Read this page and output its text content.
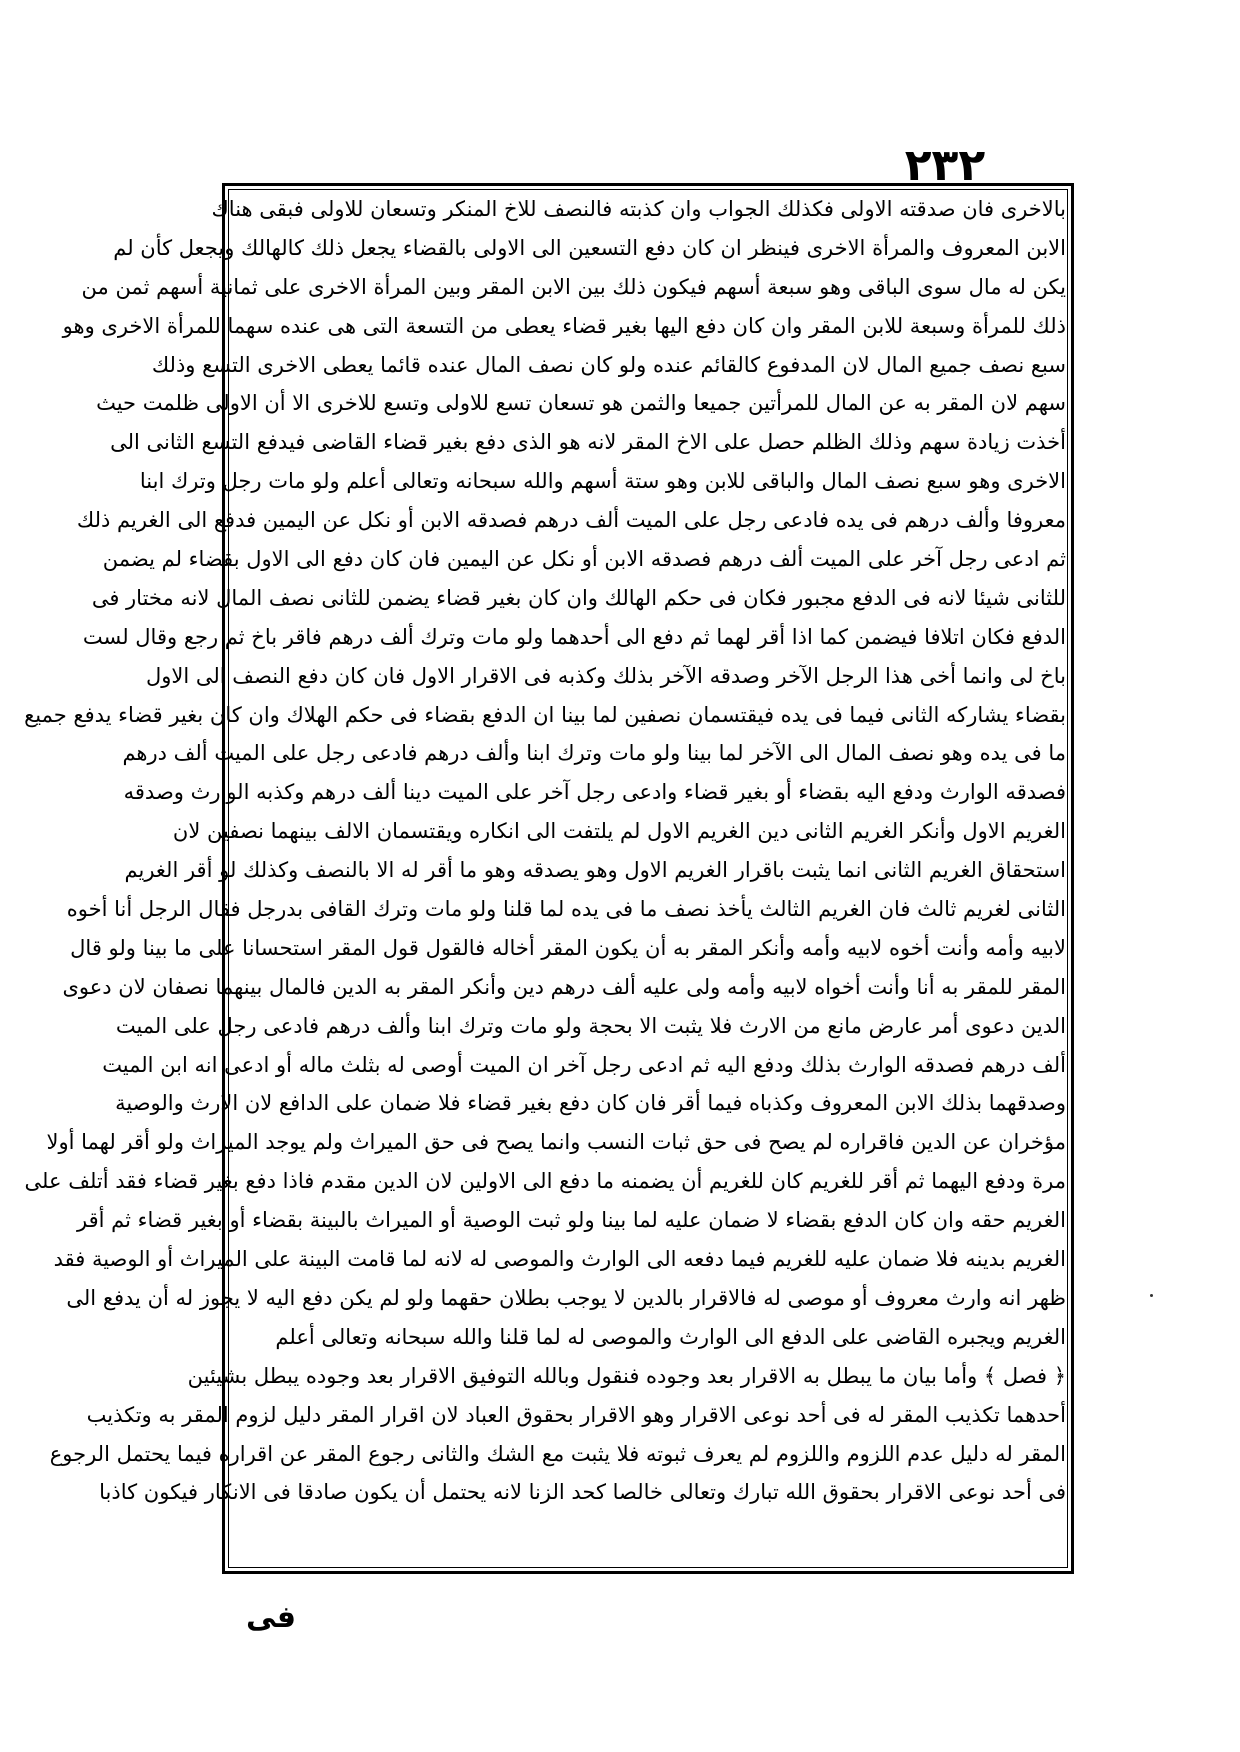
٢٣٢
بالاخرى فان صدقته الاولى فكذلك الجواب وان كذبته فالنصف للاخ المنكر وتسعان للاولى فبقى هناك
الابن المعروف والمرأة الاخرى فينظر ان كان دفع التسعين الى الاولى بالقضاء يجعل ذلك كالهالك ويجعل كأن لم
يكن له مال سوى الباقى وهو سبعة أسهم فيكون ذلك بين الابن المقر وبين المرأة الاخرى على ثمانية أسهم ثمن من
ذلك للمرأة وسبعة للابن المقر وان كان دفع اليها بغير قضاء يعطى من التسعة التى هى عنده سهما للمرأة الاخرى وهو
سبع نصف جميع المال لان المدفوع كالقائم عنده ولو كان نصف المال عنده قائما يعطى الاخرى التسع وذلك
سهم لان المقر به عن المال للمرأتين جميعا والثمن هو تسعان تسع للاولى وتسع للاخرى الا أن الاولى ظلمت حيث
أخذت زيادة سهم وذلك الظلم حصل على الاخ المقر لانه هو الذى دفع بغير قضاء القاضى فيدفع التسع الثانى الى
الاخرى وهو سبع نصف المال والباقى للابن وهو ستة أسهم والله سبحانه وتعالى أعلم ولو مات رجل وترك ابنا
معروفا وألف درهم فى يده فادعى رجل على الميت ألف درهم فصدقه الابن أو نكل عن اليمين فدفع الى الغريم ذلك
ثم ادعى رجل آخر على الميت ألف درهم فصدقه الابن أو نكل عن اليمين فان كان دفع الى الاول بقضاء لم يضمن
للثانى شيئا لانه فى الدفع مجبور فكان فى حكم الهالك وان كان بغير قضاء يضمن للثانى نصف المال لانه مختار فى
الدفع فكان اتلافا فيضمن كما اذا أقر لهما ثم دفع الى أحدهما ولو مات وترك ألف درهم فاقر باخ ثم رجع وقال لست
باخ لى وانما أخى هذا الرجل الآخر وصدقه الآخر بذلك وكذبه فى الاقرار الاول فان كان دفع النصف الى الاول
بقضاء يشاركه الثانى فيما فى يده فيقتسمان نصفين لما بينا ان الدفع بقضاء فى حكم الهلاك وان كان بغير قضاء يدفع جميع
ما فى يده وهو نصف المال الى الآخر لما بينا ولو مات وترك ابنا وألف درهم فادعى رجل على الميت ألف درهم
فصدقه الوارث ودفع اليه بقضاء أو بغير قضاء وادعى رجل آخر على الميت دينا ألف درهم وكذبه الوارث وصدقه
الغريم الاول وأنكر الغريم الثانى دين الغريم الاول لم يلتفت الى انكاره ويقتسمان الالف بينهما نصفين لان
استحقاق الغريم الثانى انما يثبت باقرار الغريم الاول وهو يصدقه وهو ما أقر له الا بالنصف وكذلك لو أقر الغريم
الثانى لغريم ثالث فان الغريم الثالث يأخذ نصف ما فى يده لما قلنا ولو مات وترك القافى بدرجل فقال الرجل أنا أخوه
لابيه وأمه وأنت أخوه لابيه وأمه وأنكر المقر به أن يكون المقر أخاله فالقول قول المقر استحسانا على ما بينا ولو قال
المقر للمقر به أنا وأنت أخواه لابيه وأمه ولى عليه ألف درهم دين وأنكر المقر به الدين فالمال بينهما نصفان لان دعوى
الدين دعوى أمر عارض مانع من الارث فلا يثبت الا بحجة ولو مات وترك ابنا وألف درهم فادعى رجل على الميت
ألف درهم فصدقه الوارث بذلك ودفع اليه ثم ادعى رجل آخر ان الميت أوصى له بثلث ماله أو ادعى انه ابن الميت
وصدقهما بذلك الابن المعروف وكذباه فيما أقر فان كان دفع بغير قضاء فلا ضمان على الدافع لان الارث والوصية
مؤخران عن الدين فاقراره لم يصح فى حق ثبات النسب وانما يصح فى حق الميراث ولم يوجد الميراث ولو أقر لهما أولا
مرة ودفع اليهما ثم أقر للغريم كان للغريم أن يضمنه ما دفع الى الاولين لان الدين مقدم فاذا دفع بغير قضاء فقد أتلف على
الغريم حقه وان كان الدفع بقضاء لا ضمان عليه لما بينا ولو ثبت الوصية أو الميراث بالبينة بقضاء أو بغير قضاء ثم أقر
الغريم بدينه فلا ضمان عليه للغريم فيما دفعه الى الوارث والموصى له لانه لما قامت البينة على الميراث أو الوصية فقد
ظهر انه وارث معروف أو موصى له فالاقرار بالدين لا يوجب بطلان حقهما ولو لم يكن دفع اليه لا يجوز له أن يدفع الى
الغريم ويجبره القاضى على الدفع الى الوارث والموصى له لما قلنا والله سبحانه وتعالى أعلم
﴿ فصل ﴾ وأما بيان ما يبطل به الاقرار بعد وجوده فنقول وبالله التوفيق الاقرار بعد وجوده يبطل بشيئين
أحدهما تكذيب المقر له فى أحد نوعى الاقرار وهو الاقرار بحقوق العباد لان اقرار المقر دليل لزوم المقر به وتكذيب
المقر له دليل عدم اللزوم واللزوم لم يعرف ثبوته فلا يثبت مع الشك والثانى رجوع المقر عن اقراره فيما يحتمل الرجوع
فى أحد نوعى الاقرار بحقوق الله تبارك وتعالى خالصا كحد الزنا لانه يحتمل أن يكون صادقا فى الانكار فيكون كاذبا
فى
